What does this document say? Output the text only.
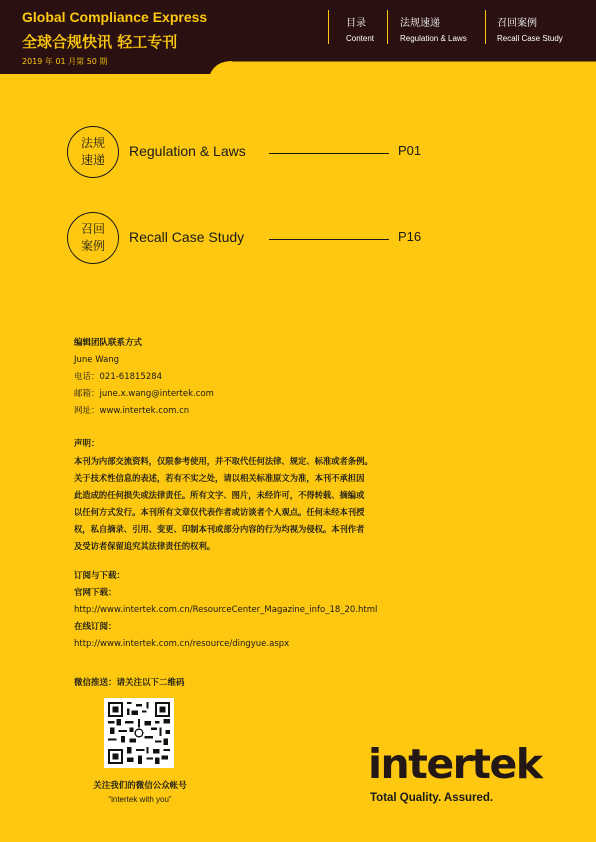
Global Compliance Express
全球合规快讯 轻工专刊
2019 年 01 月第 50 期
目录
Content
法规速递
Regulation & Laws
召回案例
Recall Case Study
法规
速递
Regulation & Laws	P01
召回
案例
Recall Case Study	P16
编辑团队联系方式
June Wang
电话：021-61815284
邮箱：june.x.wang@intertek.com
网址：www.intertek.com.cn
声明：
本刊为内部交流资料，仅限参考使用，并不取代任何法律、规定、标准或者条例。
关于技术性信息的表述，若有不实之处，请以相关标准原文为准，本刊不承担因
此造成的任何损失或法律责任。所有文字、图片，未经许可，不得转载、摘编或
以任何方式发行。本刊所有文章仅代表作者或访谈者个人观点。任何未经本刊授
权，私自摘录、引用、变更、印制本刊或部分内容的行为均视为侵权。本刊作者
及受访者保留追究其法律责任的权利。
订阅与下载：
官网下载：
http://www.intertek.com.cn/ResourceCenter_Magazine_info_18_20.html
在线订阅：
http://www.intertek.com.cn/resource/dingyue.aspx
微信推送：请关注以下二维码
关注我们的微信公众帐号
“intertek with you”
intertek
Total Quality. Assured.
